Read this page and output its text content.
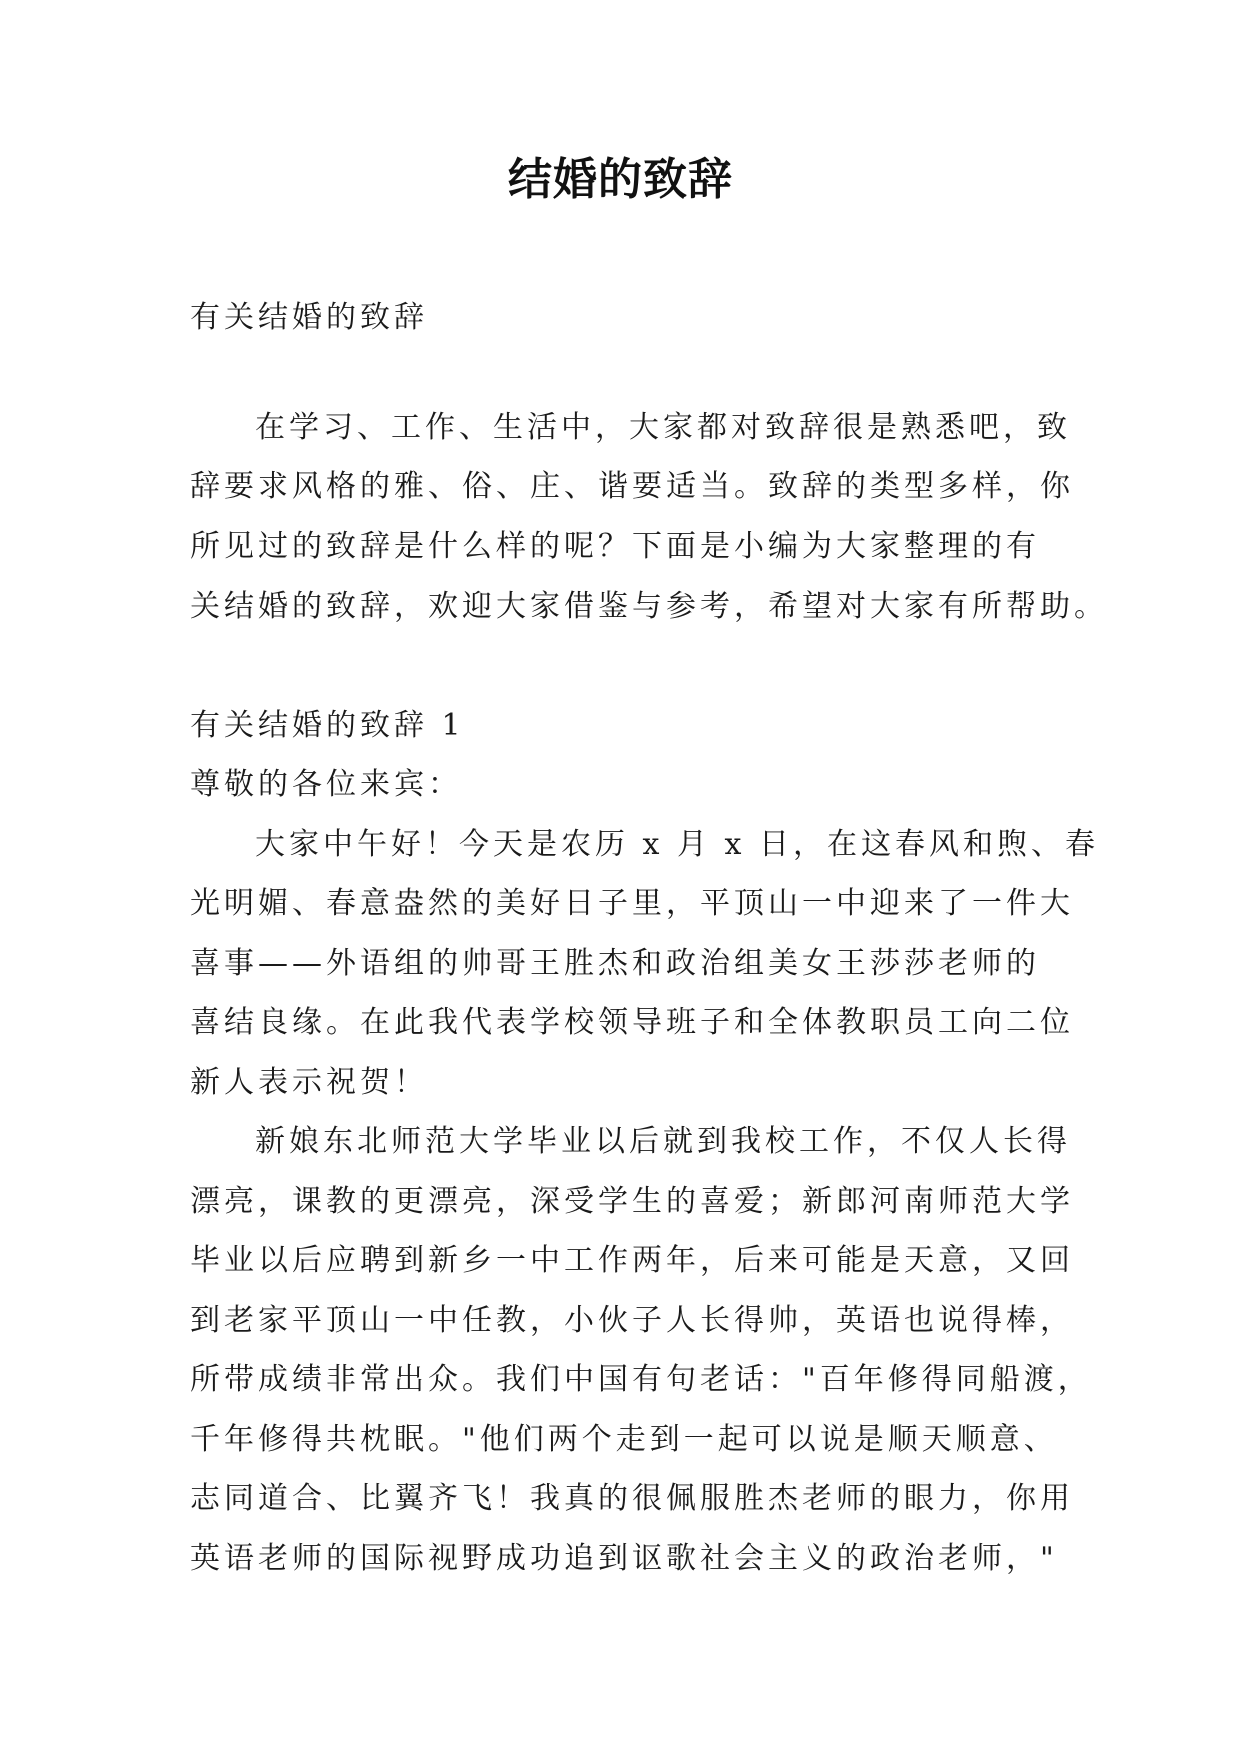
结婚的致辞
有关结婚的致辞
在学习、工作、生活中，大家都对致辞很是熟悉吧，致
辞要求风格的雅、俗、庄、谐要适当。致辞的类型多样，你
所见过的致辞是什么样的呢？下面是小编为大家整理的有
关结婚的致辞，欢迎大家借鉴与参考，希望对大家有所帮助。
有关结婚的致辞 1
尊敬的各位来宾：
大家中午好！今天是农历 x 月 x 日，在这春风和煦、春
光明媚、春意盎然的美好日子里，平顶山一中迎来了一件大
喜事——外语组的帅哥王胜杰和政治组美女王莎莎老师的
喜结良缘。在此我代表学校领导班子和全体教职员工向二位
新人表示祝贺！
新娘东北师范大学毕业以后就到我校工作，不仅人长得
漂亮，课教的更漂亮，深受学生的喜爱；新郎河南师范大学
毕业以后应聘到新乡一中工作两年，后来可能是天意，又回
到老家平顶山一中任教，小伙子人长得帅，英语也说得棒，
所带成绩非常出众。我们中国有句老话："百年修得同船渡，
千年修得共枕眠。"他们两个走到一起可以说是顺天顺意、
志同道合、比翼齐飞！我真的很佩服胜杰老师的眼力，你用
英语老师的国际视野成功追到讴歌社会主义的政治老师，"
